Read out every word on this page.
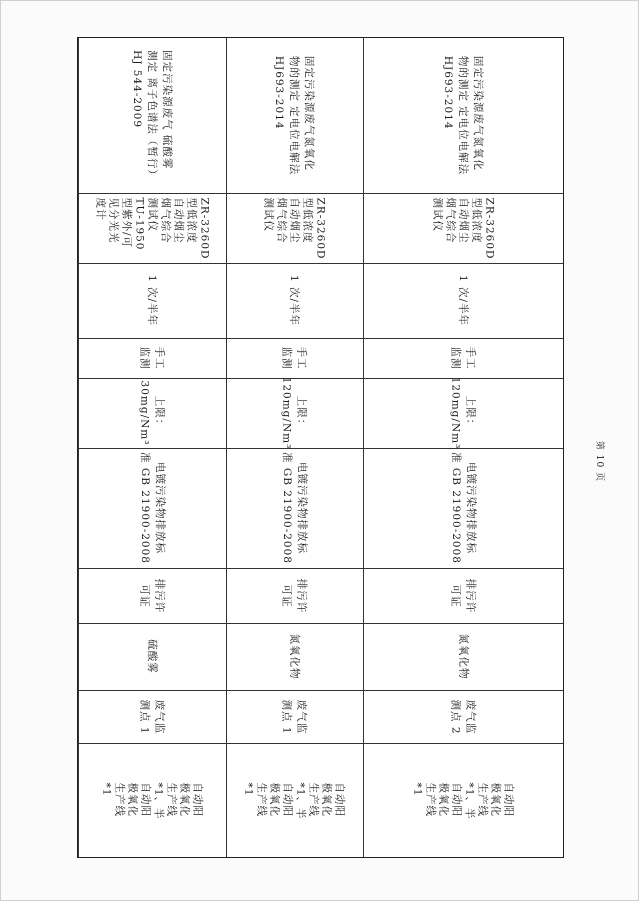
固定污染源废气 硫酸雾
测定 离子色谱法（暂行）
HJ 544-2009
ZR-3260D
型低浓度
自动烟尘
烟气综合
测试仪
TU-1950
型紫外/可
见分光光
度计
1 次/半年
手工
监测
上限：
30mg/Nm³
电镀污染物排放标
准 GB 21900-2008
排污许
可证
硫酸雾
废气监
测点 1
自动阳
极氧化
生产线
*1、半
自动阳
极氧化
生产线
*1
固定污染源废气氮氧化
物的测定 定电位电解法
HJ693-2014
ZR-3260D
型低浓度
自动烟尘
烟气综合
测试仪
1 次/半年
手工
监测
上限：
120mg/Nm³
电镀污染物排放标
准 GB 21900-2008
排污许
可证
氮氧化物
废气监
测点 1
自动阳
极氧化
生产线
*1、半
自动阳
极氧化
生产线
*1
固定污染源废气氮氧化
物的测定 定电位电解法
HJ693-2014
ZR-3260D
型低浓度
自动烟尘
烟气综合
测试仪
1 次/半年
手工
监测
上限：
120mg/Nm³
电镀污染物排放标
准 GB 21900-2008
排污许
可证
氮氧化物
废气监
测点 2
自动阳
极氧化
生产线
*1、半
自动阳
极氧化
生产线
*1
第 10 页
